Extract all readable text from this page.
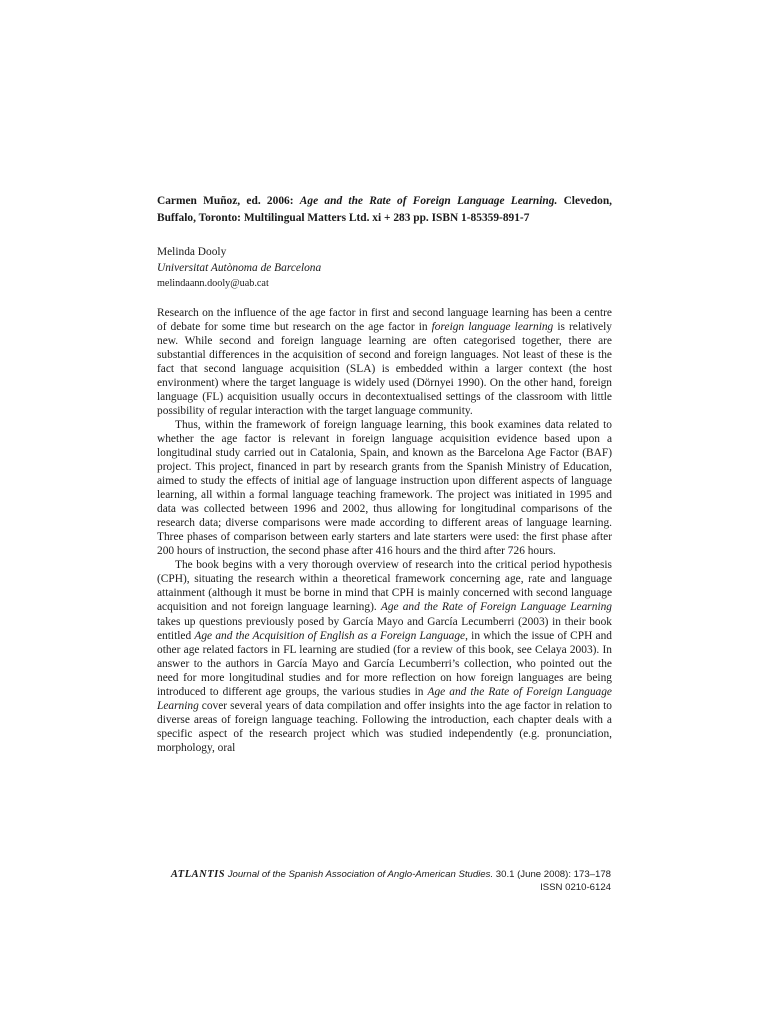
Carmen Muñoz, ed. 2006: Age and the Rate of Foreign Language Learning. Clevedon, Buffalo, Toronto: Multilingual Matters Ltd. xi + 283 pp. ISBN 1-85359-891-7

Melinda Dooly
Universitat Autònoma de Barcelona
melindaann.dooly@uab.cat

Research on the influence of the age factor in first and second language learning has been a centre of debate for some time but research on the age factor in foreign language learning is relatively new. While second and foreign language learning are often categorised together, there are substantial differences in the acquisition of second and foreign languages. Not least of these is the fact that second language acquisition (SLA) is embedded within a larger context (the host environment) where the target language is widely used (Dörnyei 1990). On the other hand, foreign language (FL) acquisition usually occurs in decontextualised settings of the classroom with little possibility of regular interaction with the target language community.

Thus, within the framework of foreign language learning, this book examines data related to whether the age factor is relevant in foreign language acquisition evidence based upon a longitudinal study carried out in Catalonia, Spain, and known as the Barcelona Age Factor (BAF) project. This project, financed in part by research grants from the Spanish Ministry of Education, aimed to study the effects of initial age of language instruction upon different aspects of language learning, all within a formal language teaching framework. The project was initiated in 1995 and data was collected between 1996 and 2002, thus allowing for longitudinal comparisons of the research data; diverse comparisons were made according to different areas of language learning. Three phases of comparison between early starters and late starters were used: the first phase after 200 hours of instruction, the second phase after 416 hours and the third after 726 hours.

The book begins with a very thorough overview of research into the critical period hypothesis (CPH), situating the research within a theoretical framework concerning age, rate and language attainment (although it must be borne in mind that CPH is mainly concerned with second language acquisition and not foreign language learning). Age and the Rate of Foreign Language Learning takes up questions previously posed by García Mayo and García Lecumberri (2003) in their book entitled Age and the Acquisition of English as a Foreign Language, in which the issue of CPH and other age related factors in FL learning are studied (for a review of this book, see Celaya 2003). In answer to the authors in García Mayo and García Lecumberri’s collection, who pointed out the need for more longitudinal studies and for more reflection on how foreign languages are being introduced to different age groups, the various studies in Age and the Rate of Foreign Language Learning cover several years of data compilation and offer insights into the age factor in relation to diverse areas of foreign language teaching. Following the introduction, each chapter deals with a specific aspect of the research project which was studied independently (e.g. pronunciation, morphology, oral

ATLANTIS Journal of the Spanish Association of Anglo-American Studies. 30.1 (June 2008): 173–178
ISSN 0210-6124
